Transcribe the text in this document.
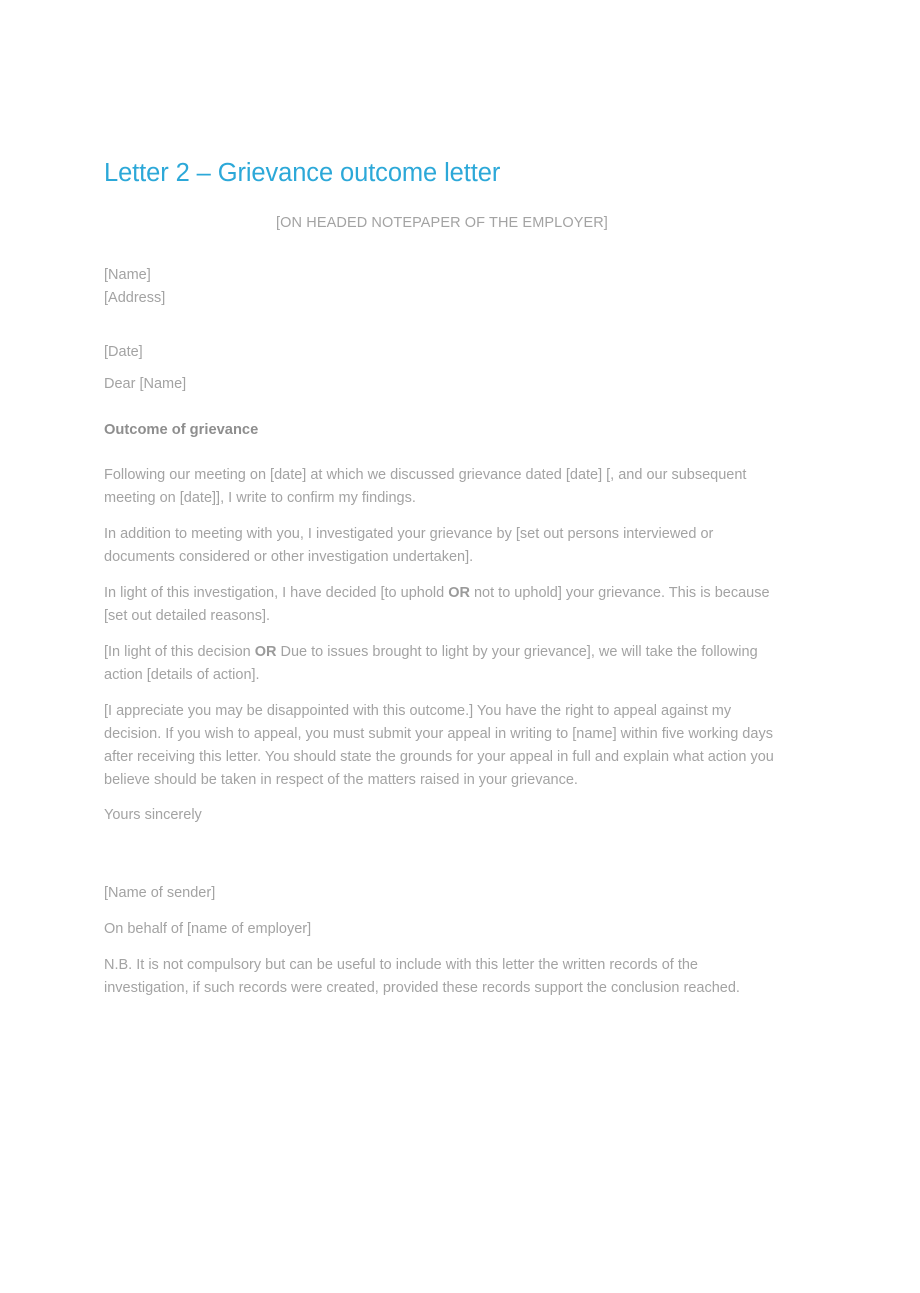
Letter 2 – Grievance outcome letter

[ON HEADED NOTEPAPER OF THE EMPLOYER]

[Name]

[Address]

[Date]

Dear [Name]

Outcome of grievance

Following our meeting on [date] at which we discussed grievance dated [date] [, and our subsequent meeting on [date]], I write to confirm my findings.

In addition to meeting with you, I investigated your grievance by [set out persons interviewed or documents considered or other investigation undertaken].

In light of this investigation, I have decided [to uphold OR not to uphold] your grievance. This is because [set out detailed reasons].

[In light of this decision OR Due to issues brought to light by your grievance], we will take the following action [details of action].

[I appreciate you may be disappointed with this outcome.] You have the right to appeal against my decision. If you wish to appeal, you must submit your appeal in writing to [name] within five working days after receiving this letter. You should state the grounds for your appeal in full and explain what action you believe should be taken in respect of the matters raised in your grievance.

Yours sincerely

[Name of sender]

On behalf of [name of employer]

N.B. It is not compulsory but can be useful to include with this letter the written records of the investigation, if such records were created, provided these records support the conclusion reached.
